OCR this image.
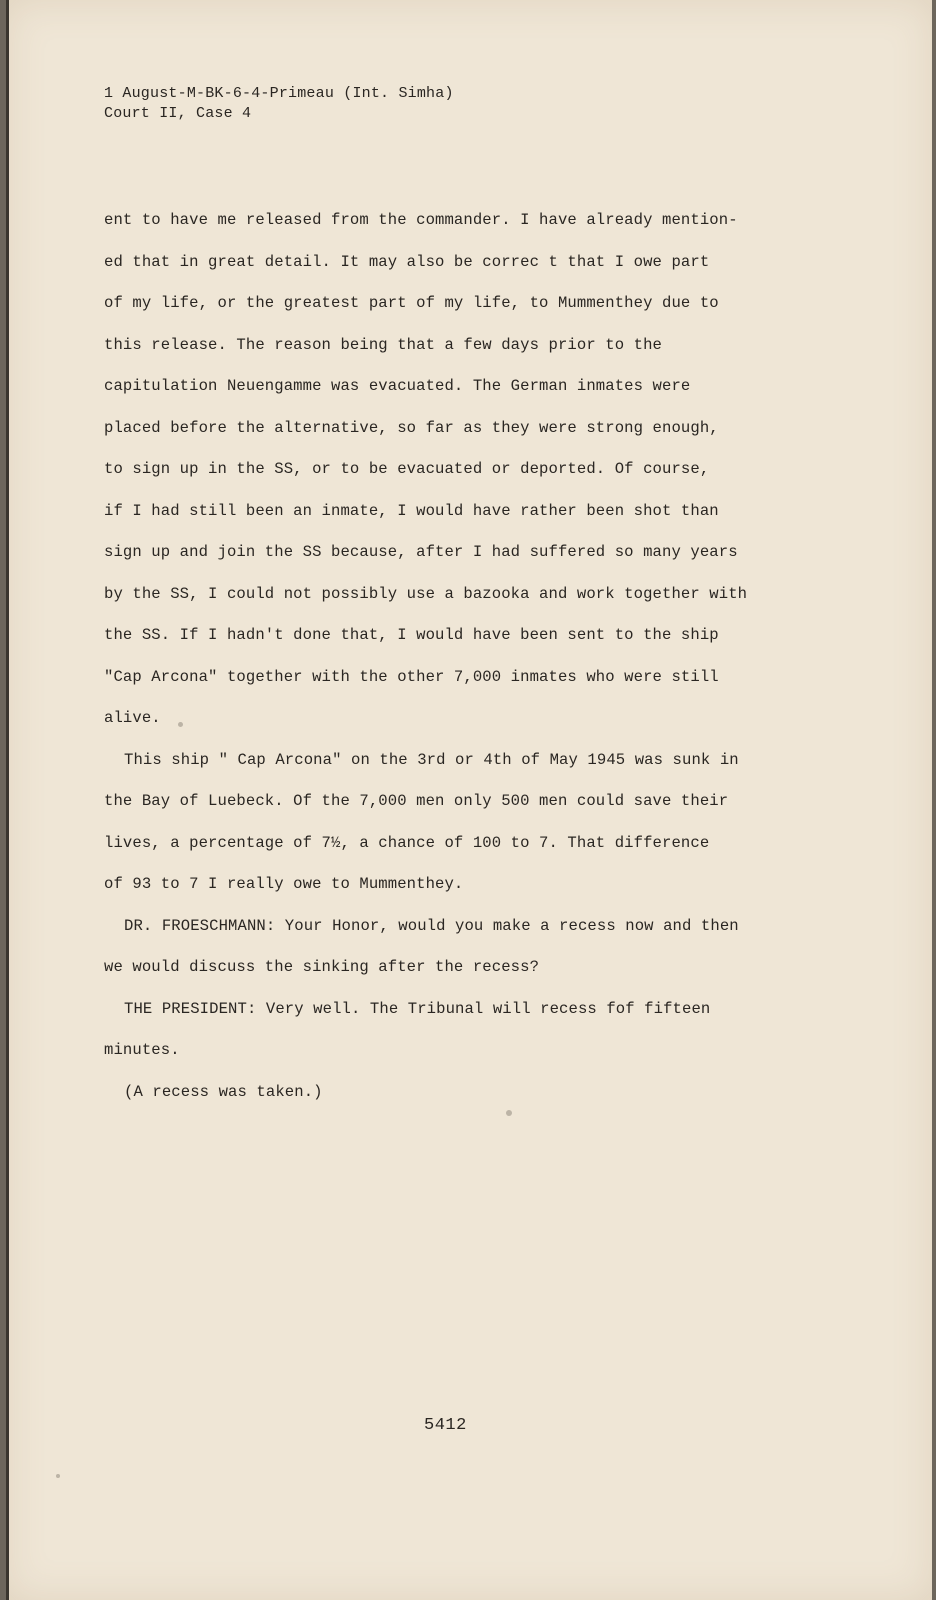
1 August-M-BK-6-4-Primeau (Int. Simha)
Court II, Case 4
ent to have me released from the commander. I have already mention-
ed that in great detail. It may also be correc t that I owe part
of my life, or the greatest part of my life, to Mummenthey due to
this release. The reason being that a few days prior to the
capitulation Neuengamme was evacuated. The German inmates were
placed before the alternative, so far as they were strong enough,
to sign up in the SS, or to be evacuated or deported. Of course,
if I had still been an inmate, I would have rather been shot than
sign up and join the SS because, after I had suffered so many years
by the SS, I could not possibly use a bazooka and work together with
the SS. If I hadn't done that, I would have been sent to the ship
"Cap Arcona" together with the other 7,000 inmates who were still
alive.
This ship " Cap Arcona" on the 3rd or 4th of May 1945 was sunk in
the Bay of Luebeck. Of the 7,000 men only 500 men could save their
lives, a percentage of 7½, a chance of 100 to 7. That difference
of 93 to 7 I really owe to Mummenthey.
DR. FROESCHMANN: Your Honor, would you make a recess now and then
we would discuss the sinking after the recess?
THE PRESIDENT: Very well. The Tribunal will recess fof fifteen
minutes.
(A recess was taken.)
5412
